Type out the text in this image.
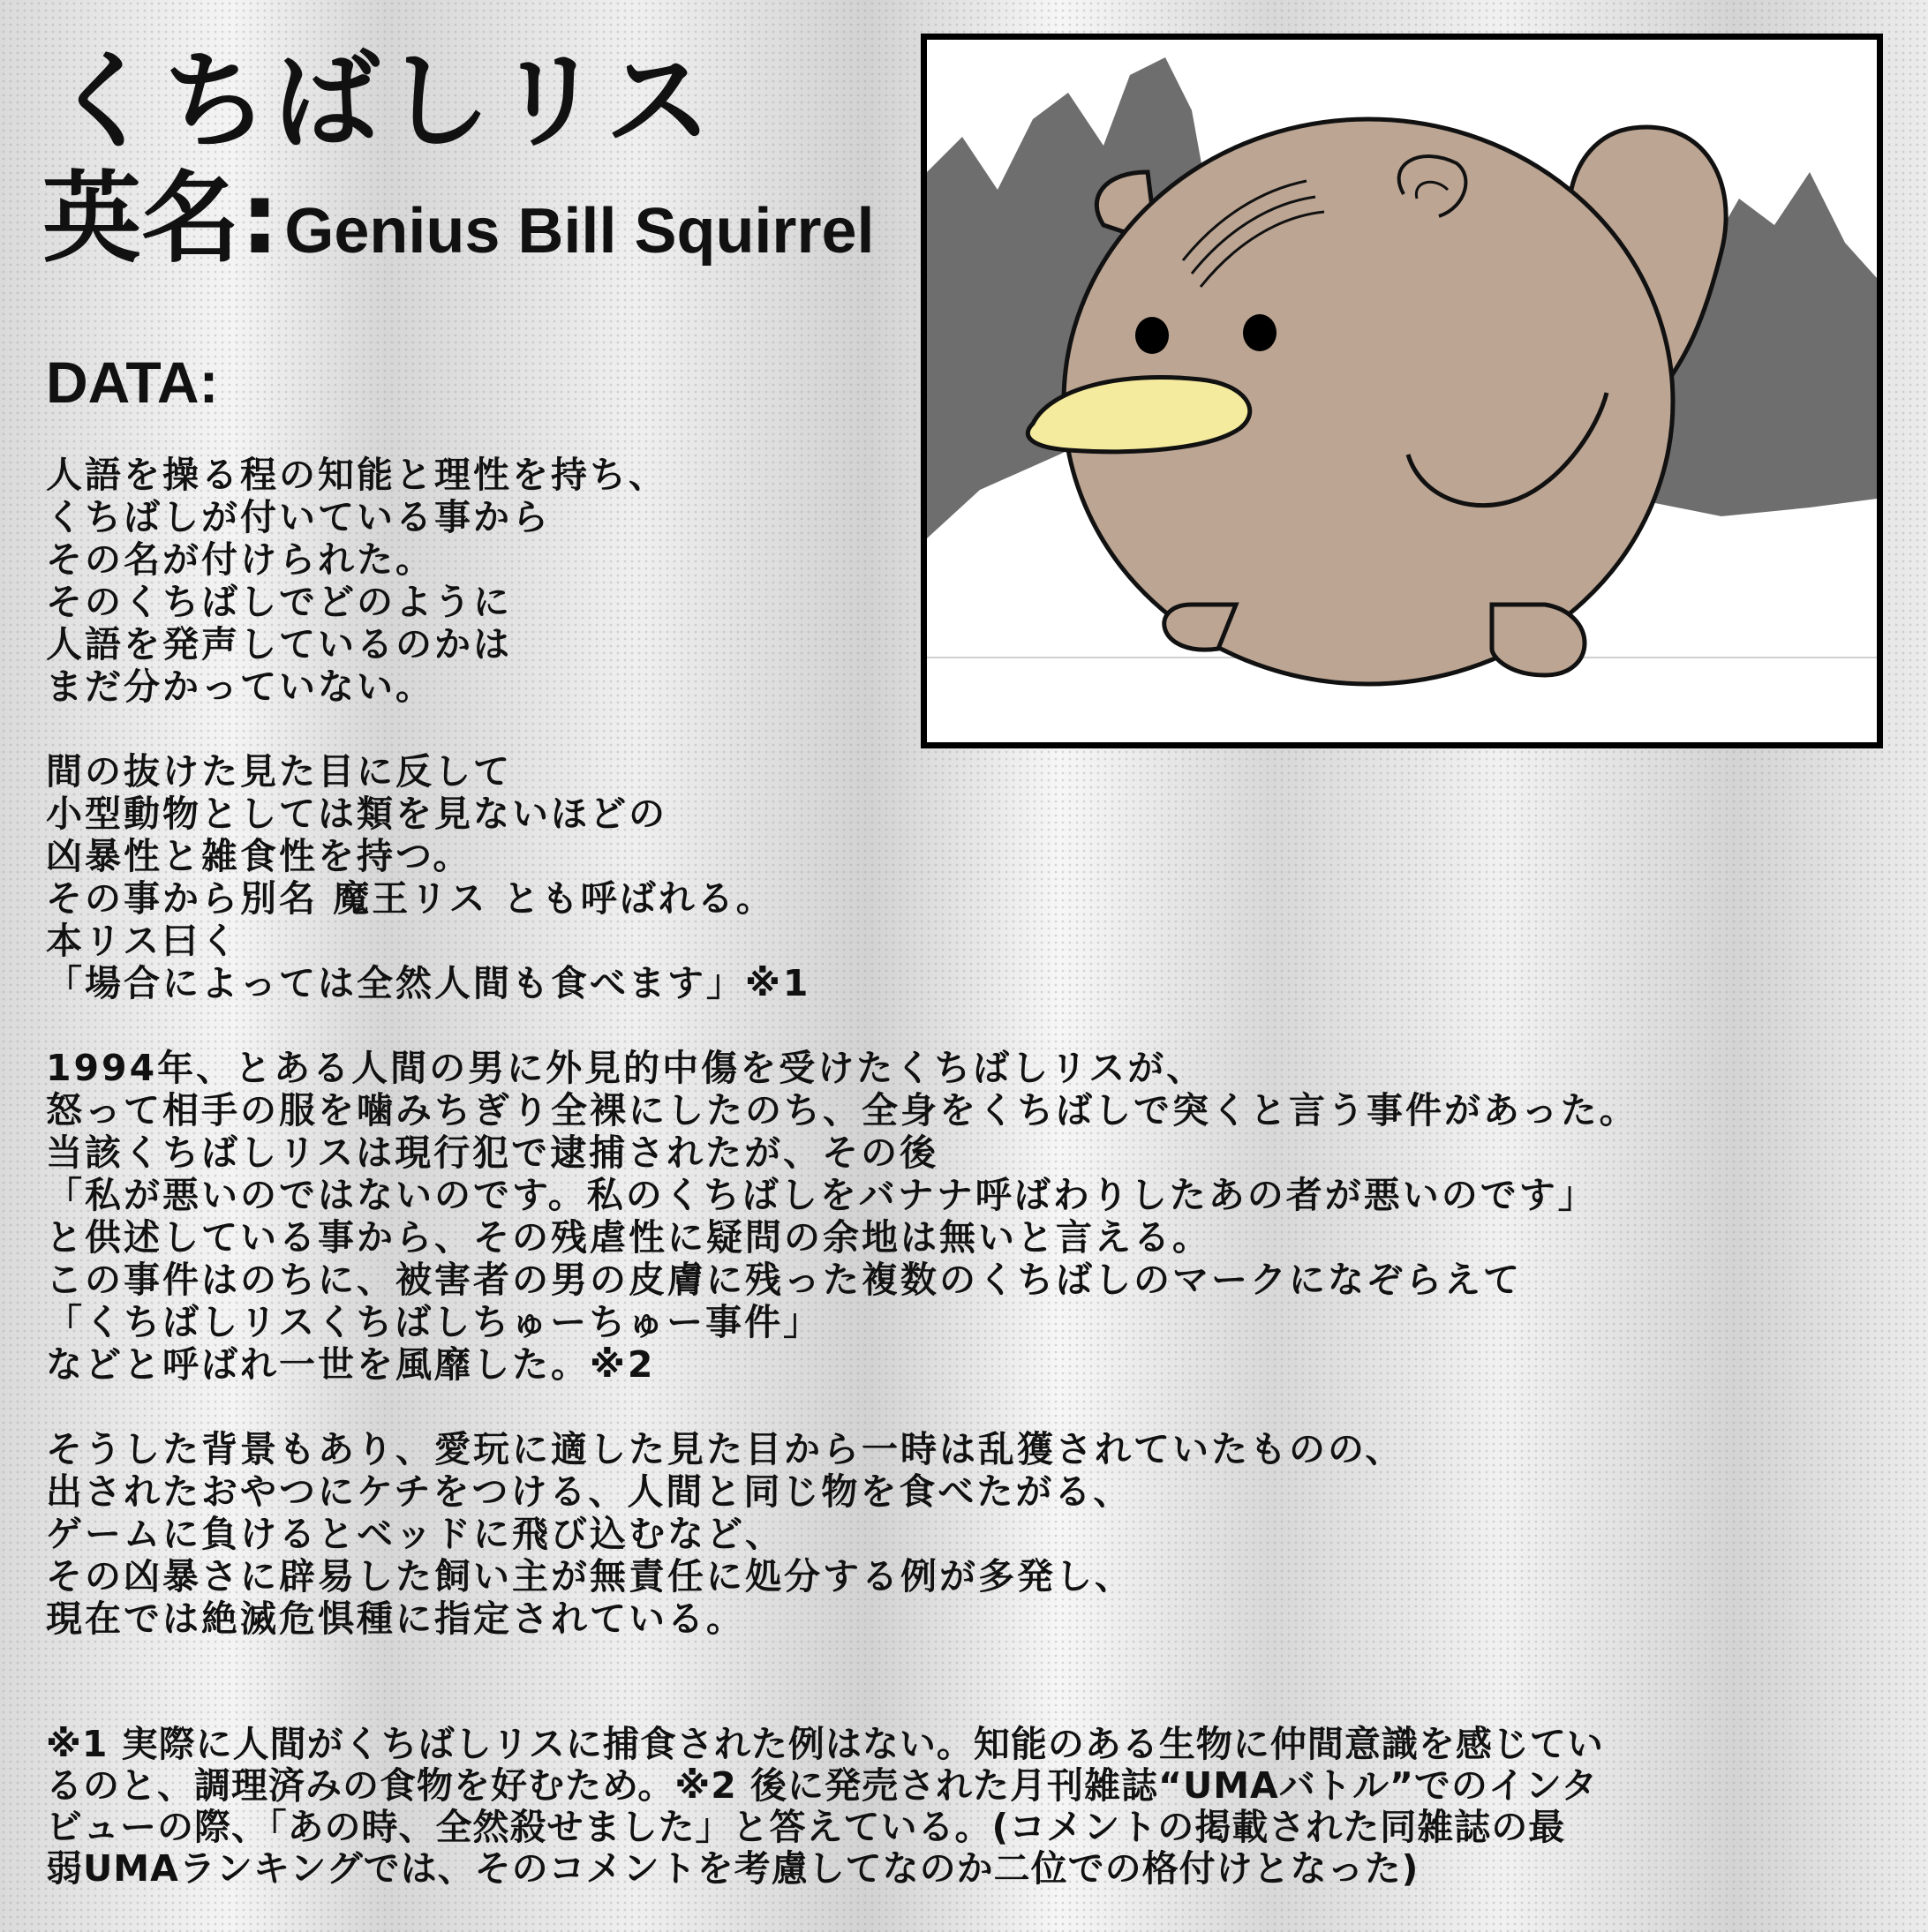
くちばしリス
英名: Genius Bill Squirrel
DATA:
人語を操る程の知能と理性を持ち、
くちばしが付いている事から
その名が付けられた。
そのくちばしでどのように
人語を発声しているのかは
まだ分かっていない。
間の抜けた見た目に反して
小型動物としては類を見ないほどの
凶暴性と雑食性を持つ。
その事から別名 魔王リス とも呼ばれる。
本リス曰く
「場合によっては全然人間も食べます」※1
1994年、とある人間の男に外見的中傷を受けたくちばしリスが、
怒って相手の服を噛みちぎり全裸にしたのち、全身をくちばしで突くと言う事件があった。
当該くちばしリスは現行犯で逮捕されたが、その後
「私が悪いのではないのです。私のくちばしをバナナ呼ばわりしたあの者が悪いのです」
と供述している事から、その残虐性に疑問の余地は無いと言える。
この事件はのちに、被害者の男の皮膚に残った複数のくちばしのマークになぞらえて
「くちばしリスくちばしちゅーちゅー事件」
などと呼ばれ一世を風靡した。※2
そうした背景もあり、愛玩に適した見た目から一時は乱獲されていたものの、
出されたおやつにケチをつける、人間と同じ物を食べたがる、
ゲームに負けるとベッドに飛び込むなど、
その凶暴さに辟易した飼い主が無責任に処分する例が多発し、
現在では絶滅危惧種に指定されている。
※1 実際に人間がくちばしリスに捕食された例はない。知能のある生物に仲間意識を感じてい
るのと、調理済みの食物を好むため。※2 後に発売された月刊雑誌“UMAバトル”でのインタ
ビューの際、「あの時、全然殺せました」と答えている。(コメントの掲載された同雑誌の最
弱UMAランキングでは、そのコメントを考慮してなのか二位での格付けとなった)
